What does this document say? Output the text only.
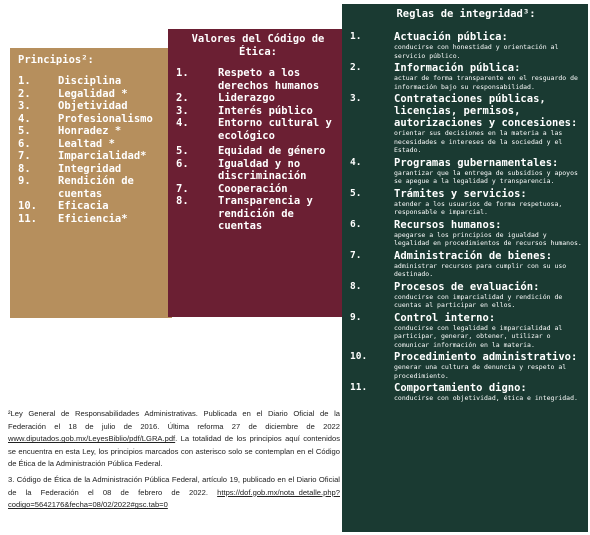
Principios²:
1.	Disciplina
2.	Legalidad *
3.	Objetividad
4.	Profesionalismo
5.	Honradez *
6.	Lealtad *
7.	Imparcialidad*
8.	Integridad
9.	Rendición de cuentas
10.	Eficacia
11.	Eficiencia*
Valores del Código de Ética:
1.	Respeto a los derechos humanos
2.	Liderazgo
3.	Interés público
4.	Entorno cultural y ecológico
5.	Equidad de género
6.	Igualdad y no discriminación
7.	Cooperación
8.	Transparencia y rendición de cuentas
Reglas de integridad³:
1.	Actuación pública:
conducirse con honestidad y orientación al servicio público.
2.	Información pública:
actuar de forma transparente en el resguardo de información bajo su responsabilidad.
3.	Contrataciones públicas, licencias, permisos, autorizaciones y concesiones:
orientar sus decisiones en la materia a las necesidades e intereses de la sociedad y el Estado.
4.	Programas gubernamentales:
garantizar que la entrega de subsidios y apoyos se apegue a la legalidad y transparencia.
5.	Trámites y servicios:
atender a los usuarios de forma respetuosa, responsable e imparcial.
6.	Recursos humanos:
apegarse a los principios de igualdad y legalidad en procedimientos de recursos humanos.
7.	Administración de bienes:
administrar recursos para cumplir con su uso destinado.
8.	Procesos de evaluación:
conducirse con imparcialidad y rendición de cuentas al participar en ellos.
9.	Control interno:
conducirse con legalidad e imparcialidad al participar, generar, obtener, utilizar o comunicar información en la materia.
10.	Procedimiento administrativo:
generar una cultura de denuncia y respeto al procedimiento.
11.	Comportamiento digno:
conducirse con objetividad, ética e integridad.

²Ley General de Responsabilidades Administrativas. Publicada en el Diario Oficial de la Federación el 18 de julio de 2016. Última reforma 27 de diciembre de 2022 www.diputados.gob.mx/LeyesBiblio/pdf/LGRA.pdf. La totalidad de los principios aquí contenidos se encuentra en esta Ley, los principios marcados con asterisco solo se contemplan en el Código de Ética de la Administración Pública Federal.

3. Código de Ética de la Administración Pública Federal, artículo 19, publicado en el Diario Oficial de la Federación el 08 de febrero de 2022. https://dof.gob.mx/nota_detalle.php?codigo=5642176&fecha=08/02/2022#gsc.tab=0
